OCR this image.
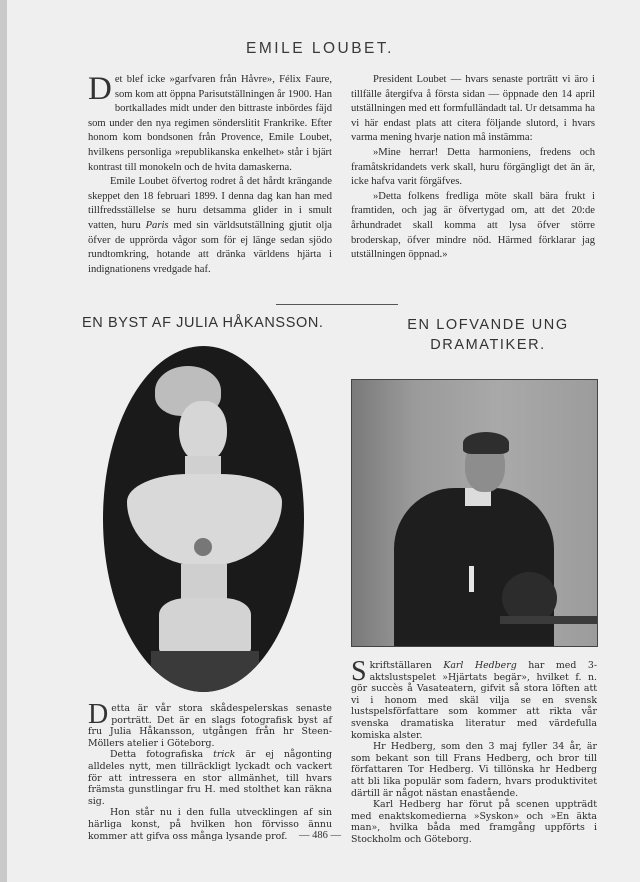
EMILE LOUBET.

Det blef icke »garfvaren från Håvre», Félix Faure, som kom att öppna Parisutställningen år 1900. Han bortkallades midt under den bittraste inbördes fäjd som under den nya regimen sönderslitit Frankrike. Efter honom kom bondsonen från Provence, Emile Loubet, hvilkens personliga »republikanska enkelhet» står i bjärt kontrast till monokeln och de hvita damaskerna.

Emile Loubet öfvertog rodret å det hårdt krängande skeppet den 18 februari 1899. I denna dag kan han med tillfredsställelse se huru detsamma glider in i smult vatten, huru Paris med sin världsutställning gjutit olja öfver de upprörda vågor som för ej länge sedan sjödo rundtomkring, hotande att dränka världens hjärta i indignationens vredgade haf.

President Loubet — hvars senaste porträtt vi äro i tillfälle återgifva å första sidan — öppnade den 14 april utställningen med ett formfulländadt tal. Ur detsamma ha vi här endast plats att citera följande slutord, i hvars varma mening hvarje nation må instämma:

»Mine herrar! Detta harmoniens, fredens och framåtskridandets verk skall, huru förgängligt det än är, icke hafva varit förgäfves.

»Detta folkens fredliga möte skall bära frukt i framtiden, och jag är öfvertygad om, att det 20:de århundradet skall komma att lysa öfver större broderskap, öfver mindre nöd. Härmed förklarar jag utställningen öppnad.»

EN BYST AF JULIA HÅKANSSON.	EN LOFVANDE UNG DRAMATIKER.

Detta är vår stora skådespelerskas senaste porträtt. Det är en slags fotografisk byst af fru Julia Håkansson, utgången från hr Steen-Möllers atelier i Göteborg.

Detta fotografiska trick är ej någonting alldeles nytt, men tillräckligt lyckadt och vackert för att intressera en stor allmänhet, till hvars främsta gunstlingar fru H. med stolthet kan räkna sig.

Hon står nu i den fulla utvecklingen af sin härliga konst, på hvilken hon förvisso ännu kommer att gifva oss många lysande prof.

Skriftställaren Karl Hedberg har med 3-aktslustspelet »Hjärtats begär», hvilket f. n. gör succès å Vasateatern, gifvit så stora löften att vi i honom med skäl vilja se en svensk lustspelsförfattare som kommer att rikta vår svenska dramatiska literatur med värdefulla komiska alster.

Hr Hedberg, som den 3 maj fyller 34 år, är som bekant son till Frans Hedberg, och bror till författaren Tor Hedberg. Vi tillönska hr Hedberg att bli lika populär som fadern, hvars produktivitet därtill är något nästan enastående.

Karl Hedberg har förut på scenen uppträdt med enaktskomedierna »Syskon» och »En äkta man», hvilka båda med framgång uppförts i Stockholm och Göteborg.

— 486 —
